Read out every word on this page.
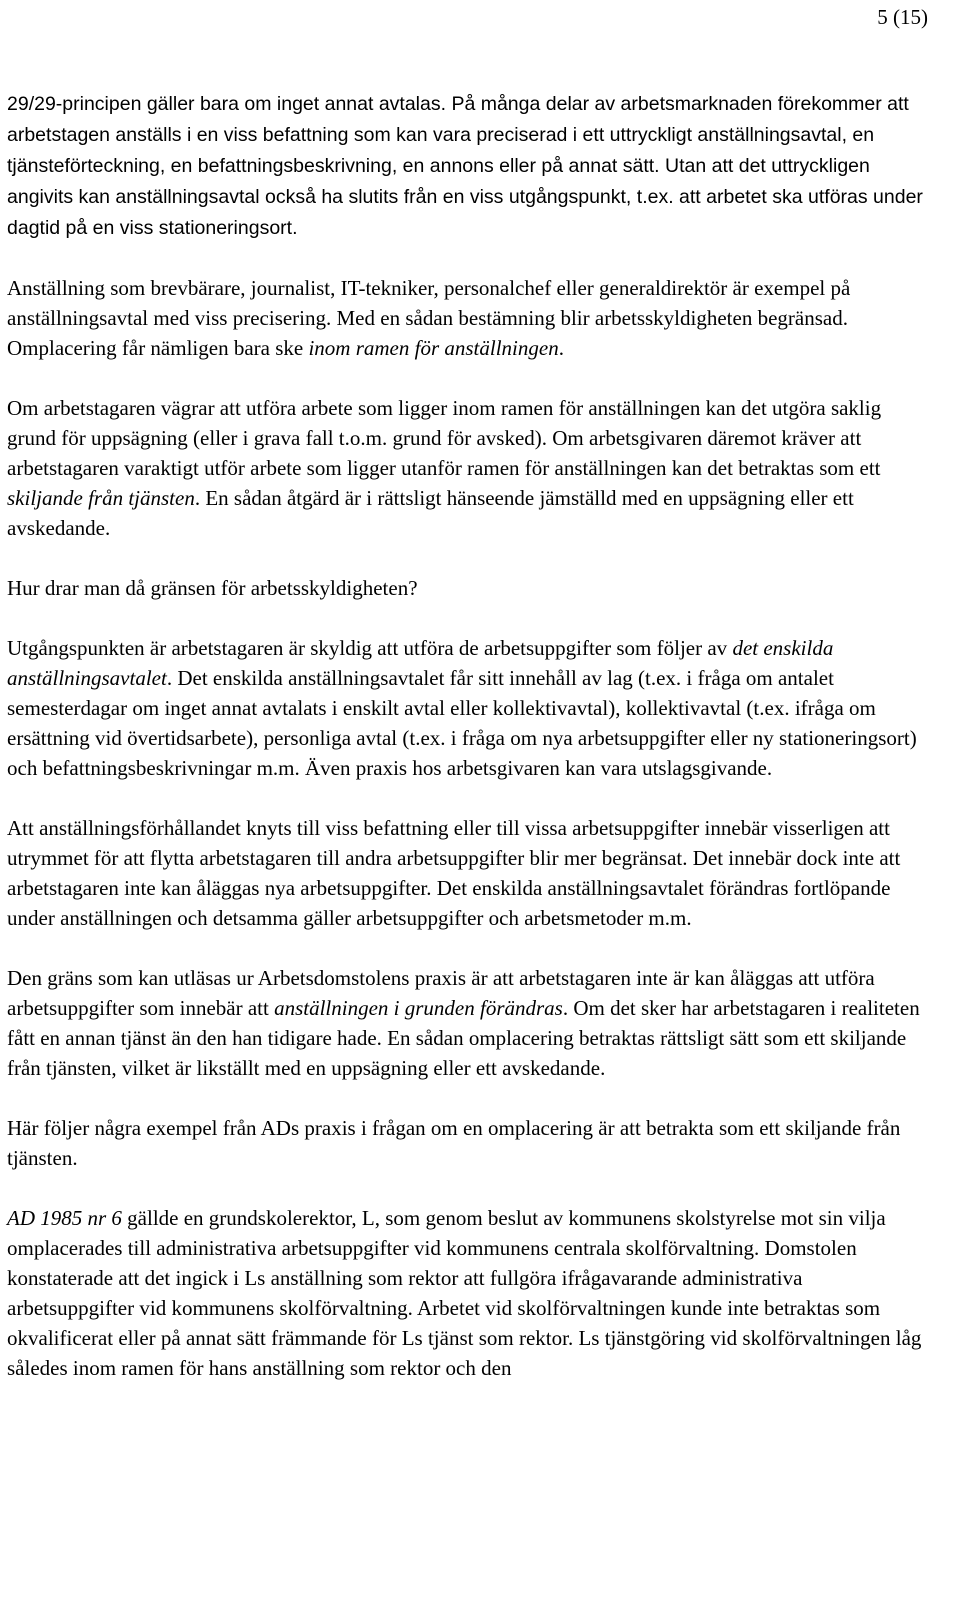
5 (15)

29/29-principen gäller bara om inget annat avtalas. På många delar av arbetsmarknaden förekommer att arbetstagen anställs i en viss befattning som kan vara preciserad i ett uttryckligt anställningsavtal, en tjänsteförteckning, en befattningsbeskrivning, en annons eller på annat sätt. Utan att det uttryckligen angivits kan anställningsavtal också ha slutits från en viss utgångspunkt, t.ex. att arbetet ska utföras under dagtid på en viss stationeringsort.

Anställning som brevbärare, journalist, IT-tekniker, personalchef eller generaldirektör är exempel på anställningsavtal med viss precisering. Med en sådan bestämning blir arbetsskyldigheten begränsad. Omplacering får nämligen bara ske inom ramen för anställningen.

Om arbetstagaren vägrar att utföra arbete som ligger inom ramen för anställningen kan det utgöra saklig grund för uppsägning (eller i grava fall t.o.m. grund för avsked). Om arbetsgivaren däremot kräver att arbetstagaren varaktigt utför arbete som ligger utanför ramen för anställningen kan det betraktas som ett skiljande från tjänsten. En sådan åtgärd är i rättsligt hänseende jämställd med en uppsägning eller ett avskedande.

Hur drar man då gränsen för arbetsskyldigheten?

Utgångspunkten är arbetstagaren är skyldig att utföra de arbetsuppgifter som följer av det enskilda anställningsavtalet. Det enskilda anställningsavtalet får sitt innehåll av lag (t.ex. i fråga om antalet semesterdagar om inget annat avtalats i enskilt avtal eller kollektivavtal), kollektivavtal (t.ex. ifråga om ersättning vid övertidsarbete), personliga avtal (t.ex. i fråga om nya arbetsuppgifter eller ny stationeringsort) och befattningsbeskrivningar m.m. Även praxis hos arbetsgivaren kan vara utslagsgivande.

Att anställningsförhållandet knyts till viss befattning eller till vissa arbetsuppgifter innebär visserligen att utrymmet för att flytta arbetstagaren till andra arbetsuppgifter blir mer begränsat. Det innebär dock inte att arbetstagaren inte kan åläggas nya arbetsuppgifter. Det enskilda anställningsavtalet förändras fortlöpande under anställningen och detsamma gäller arbetsuppgifter och arbetsmetoder m.m.

Den gräns som kan utläsas ur Arbetsdomstolens praxis är att arbetstagaren inte är kan åläggas att utföra arbetsuppgifter som innebär att anställningen i grunden förändras. Om det sker har arbetstagaren i realiteten fått en annan tjänst än den han tidigare hade. En sådan omplacering betraktas rättsligt sätt som ett skiljande från tjänsten, vilket är likställt med en uppsägning eller ett avskedande.

Här följer några exempel från ADs praxis i frågan om en omplacering är att betrakta som ett skiljande från tjänsten.

AD 1985 nr 6 gällde en grundskolerektor, L, som genom beslut av kommunens skolstyrelse mot sin vilja omplacerades till administrativa arbetsuppgifter vid kommunens centrala skolförvaltning. Domstolen konstaterade att det ingick i Ls anställning som rektor att fullgöra ifrågavarande administrativa arbetsuppgifter vid kommunens skolförvaltning. Arbetet vid skolförvaltningen kunde inte betraktas som okvalificerat eller på annat sätt främmande för Ls tjänst som rektor. Ls tjänstgöring vid skolförvaltningen låg således inom ramen för hans anställning som rektor och den
